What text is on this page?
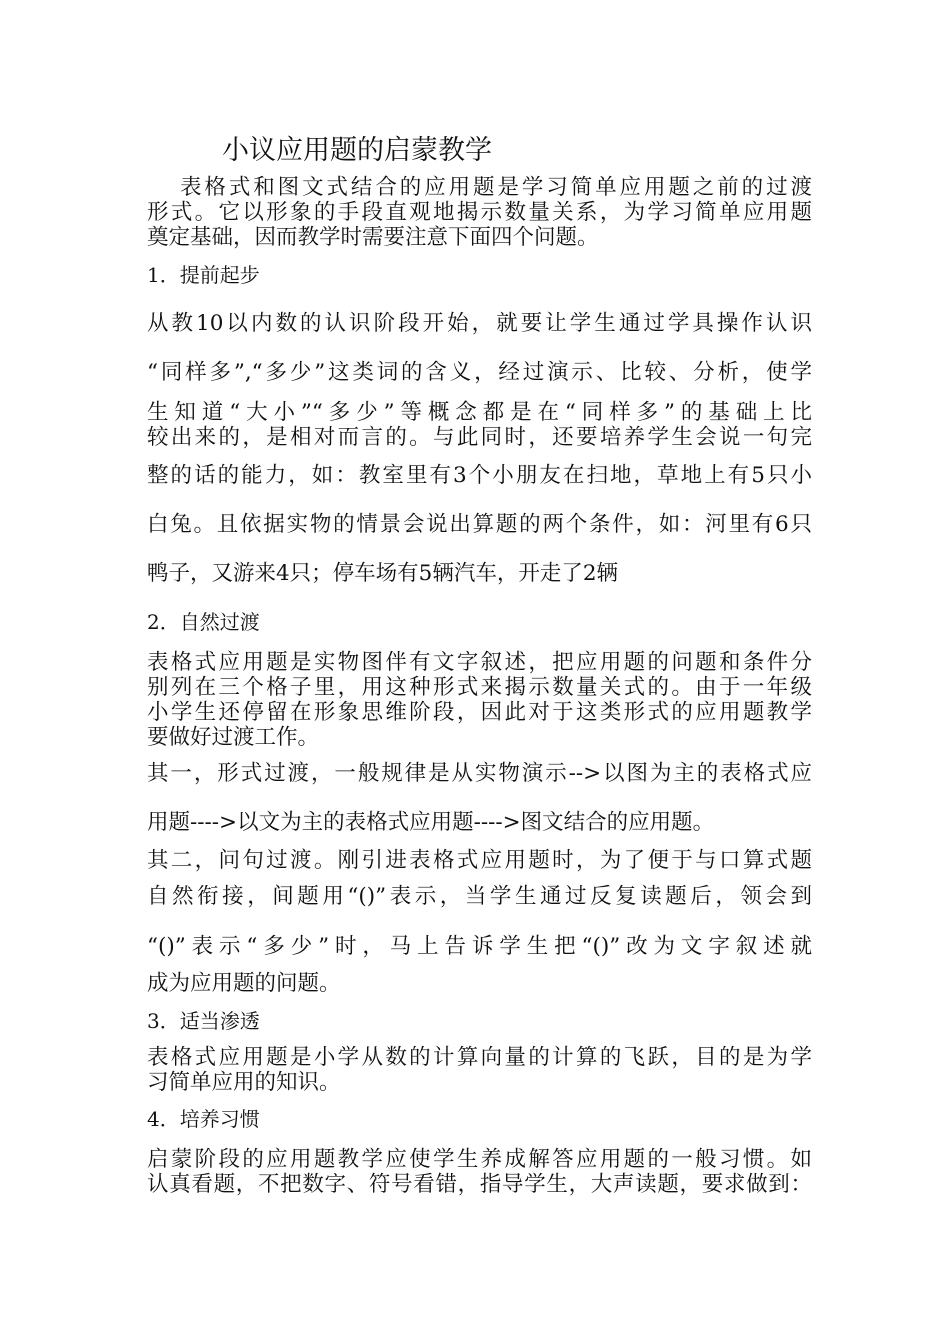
小议应用题的启蒙教学
表格式和图文式结合的应用题是学习简单应用题之前的过渡
形式。它以形象的手段直观地揭示数量关系，为学习简单应用题
奠定基础，因而教学时需要注意下面四个问题。
1．提前起步
从教10以内数的认识阶段开始，就要让学生通过学具操作认识
“同样多”,“多少”这类词的含义，经过演示、比较、分析，使学
生知道“大小”“多少”等概念都是在“同样多”的基础上比
较出来的，是相对而言的。与此同时，还要培养学生会说一句完
整的话的能力，如：教室里有3个小朋友在扫地，草地上有5只小
白兔。且依据实物的情景会说出算题的两个条件，如：河里有6只
鸭子，又游来4只；停车场有5辆汽车，开走了2辆
2．自然过渡
表格式应用题是实物图伴有文字叙述，把应用题的问题和条件分
别列在三个格子里，用这种形式来揭示数量关式的。由于一年级
小学生还停留在形象思维阶段，因此对于这类形式的应用题教学
要做好过渡工作。
其一，形式过渡，一般规律是从实物演示-->以图为主的表格式应
用题---->以文为主的表格式应用题---->图文结合的应用题。
其二，问句过渡。刚引进表格式应用题时，为了便于与口算式题
自然衔接，间题用“()”表示，当学生通过反复读题后，领会到
“()”表示“多少”时，马上告诉学生把“()”改为文字叙述就
成为应用题的问题。
3．适当渗透
表格式应用题是小学从数的计算向量的计算的飞跃，目的是为学
习简单应用的知识。
4．培养习惯
启蒙阶段的应用题教学应使学生养成解答应用题的一般习惯。如
认真看题，不把数字、符号看错，指导学生，大声读题，要求做到：
